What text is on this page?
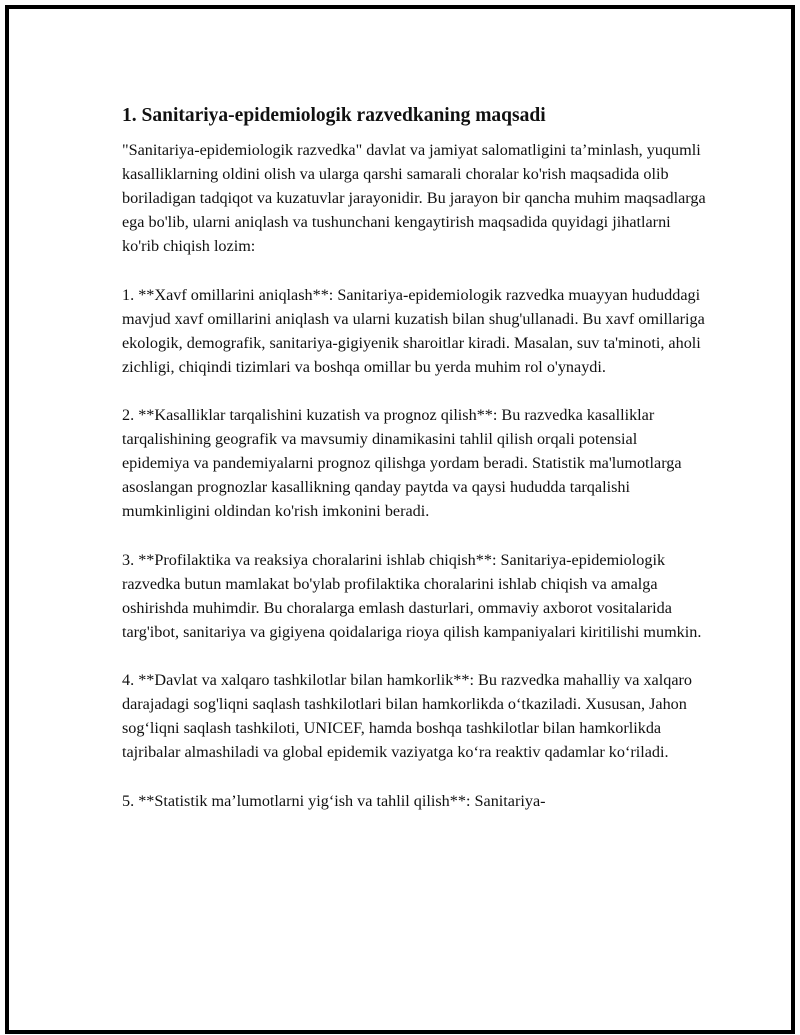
1. Sanitariya-epidemiologik razvedkaning maqsadi

"Sanitariya-epidemiologik razvedka" davlat va jamiyat salomatligini ta’minlash, yuqumli kasalliklarning oldini olish va ularga qarshi samarali choralar ko'rish maqsadida olib boriladigan tadqiqot va kuzatuvlar jarayonidir. Bu jarayon bir qancha muhim maqsadlarga ega bo'lib, ularni aniqlash va tushunchani kengaytirish maqsadida quyidagi jihatlarni ko'rib chiqish lozim:

1. **Xavf omillarini aniqlash**: Sanitariya-epidemiologik razvedka muayyan hududdagi mavjud xavf omillarini aniqlash va ularni kuzatish bilan shug'ullanadi. Bu xavf omillariga ekologik, demografik, sanitariya-gigiyenik sharoitlar kiradi. Masalan, suv ta'minoti, aholi zichligi, chiqindi tizimlari va boshqa omillar bu yerda muhim rol o'ynaydi.

2. **Kasalliklar tarqalishini kuzatish va prognoz qilish**: Bu razvedka kasalliklar tarqalishining geografik va mavsumiy dinamikasini tahlil qilish orqali potensial epidemiya va pandemiyalarni prognoz qilishga yordam beradi. Statistik ma'lumotlarga asoslangan prognozlar kasallikning qanday paytda va qaysi hududda tarqalishi mumkinligini oldindan ko'rish imkonini beradi.

3. **Profilaktika va reaksiya choralarini ishlab chiqish**: Sanitariya-epidemiologik razvedka butun mamlakat bo'ylab profilaktika choralarini ishlab chiqish va amalga oshirishda muhimdir. Bu choralarga emlash dasturlari, ommaviy axborot vositalarida targ'ibot, sanitariya va gigiyena qoidalariga rioya qilish kampaniyalari kiritilishi mumkin.

4. **Davlat va xalqaro tashkilotlar bilan hamkorlik**: Bu razvedka mahalliy va xalqaro darajadagi sog'liqni saqlash tashkilotlari bilan hamkorlikda o‘tkaziladi. Xususan, Jahon sog‘liqni saqlash tashkiloti, UNICEF, hamda boshqa tashkilotlar bilan hamkorlikda tajribalar almashiladi va global epidemik vaziyatga ko‘ra reaktiv qadamlar ko‘riladi.

5. **Statistik ma’lumotlarni yig‘ish va tahlil qilish**: Sanitariya-
